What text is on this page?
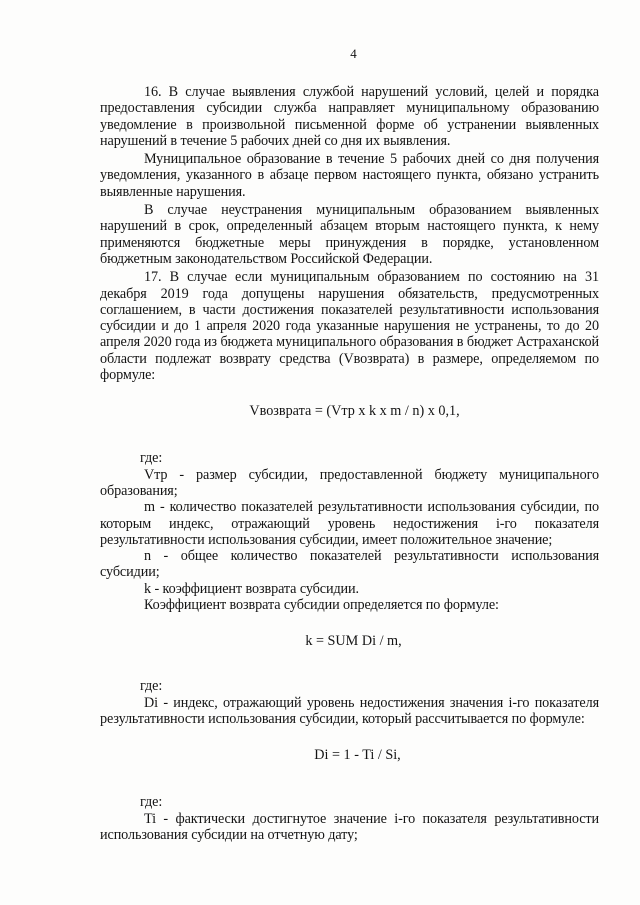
4

16. В случае выявления службой нарушений условий, целей и порядка предоставления субсидии служба направляет муниципальному образованию уведомление в произвольной письменной форме об устранении выявленных нарушений в течение 5 рабочих дней со дня их выявления.

Муниципальное образование в течение 5 рабочих дней со дня получения уведомления, указанного в абзаце первом настоящего пункта, обязано устранить выявленные нарушения.

В случае неустранения муниципальным образованием выявленных нарушений в срок, определенный абзацем вторым настоящего пункта, к нему применяются бюджетные меры принуждения в порядке, установленном бюджетным законодательством Российской Федерации.

17. В случае если муниципальным образованием по состоянию на 31 декабря 2019 года допущены нарушения обязательств, предусмотренных соглашением, в части достижения показателей результативности использования субсидии и до 1 апреля 2020 года указанные нарушения не устранены, то до 20 апреля 2020 года из бюджета муниципального образования в бюджет Астраханской области подлежат возврату средства (Vвозврата) в размере, определяемом по формуле:

Vвозврата = (Vтр x k x m / n) x 0,1,

где:

Vтр - размер субсидии, предоставленной бюджету муниципального образования;

m - количество показателей результативности использования субсидии, по которым индекс, отражающий уровень недостижения i-го показателя результативности использования субсидии, имеет положительное значение;

n - общее количество показателей результативности использования субсидии;

k - коэффициент возврата субсидии.

Коэффициент возврата субсидии определяется по формуле:

k = SUM Di / m,

где:

Di - индекс, отражающий уровень недостижения значения i-го показателя результативности использования субсидии, который рассчитывается по формуле:

Di = 1 - Ti / Si,

где:

Ti - фактически достигнутое значение i-го показателя результативности использования субсидии на отчетную дату;
